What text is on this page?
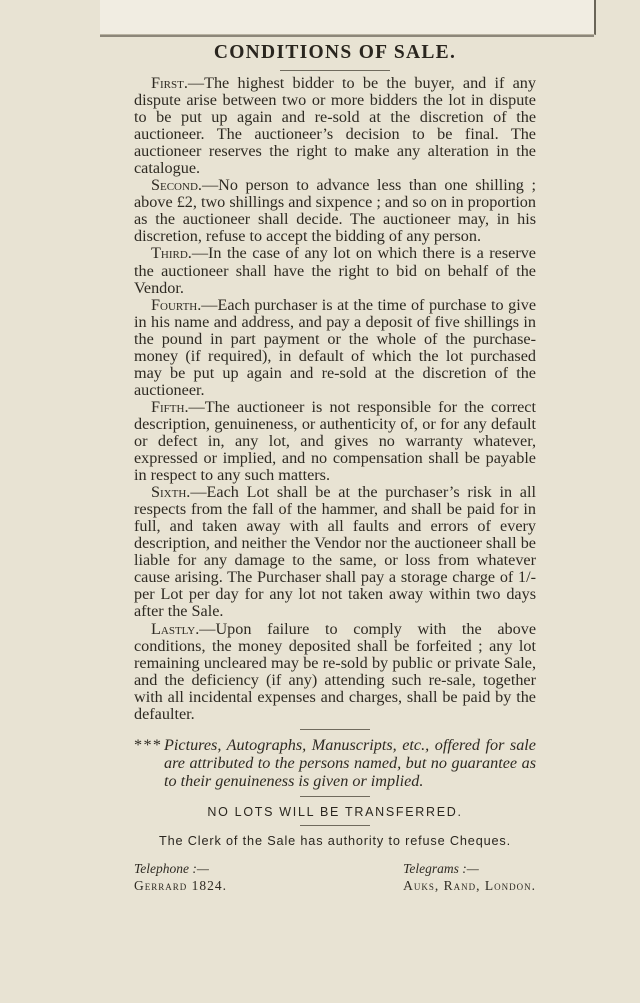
CONDITIONS OF SALE.

First.—The highest bidder to be the buyer, and if any dispute arise between two or more bidders the lot in dispute to be put up again and re-sold at the discretion of the auctioneer. The auctioneer’s decision to be final. The auctioneer reserves the right to make any alteration in the catalogue.

Second.—No person to advance less than one shilling ; above £2, two shillings and sixpence ; and so on in proportion as the auctioneer shall decide. The auctioneer may, in his discretion, refuse to accept the bidding of any person.

Third.—In the case of any lot on which there is a reserve the auctioneer shall have the right to bid on behalf of the Vendor.

Fourth.—Each purchaser is at the time of purchase to give in his name and address, and pay a deposit of five shillings in the pound in part payment or the whole of the purchase-money (if required), in default of which the lot purchased may be put up again and re-sold at the discretion of the auctioneer.

Fifth.—The auctioneer is not responsible for the correct description, genuineness, or authenticity of, or for any default or defect in, any lot, and gives no warranty whatever, expressed or implied, and no compensation shall be payable in respect to any such matters.

Sixth.—Each Lot shall be at the purchaser’s risk in all respects from the fall of the hammer, and shall be paid for in full, and taken away with all faults and errors of every description, and neither the Vendor nor the auctioneer shall be liable for any damage to the same, or loss from whatever cause arising. The Purchaser shall pay a storage charge of 1/- per Lot per day for any lot not taken away within two days after the Sale.

Lastly.—Upon failure to comply with the above conditions, the money deposited shall be forfeited ; any lot remaining uncleared may be re-sold by public or private Sale, and the deficiency (if any) attending such re-sale, together with all incidental expenses and charges, shall be paid by the defaulter.

* * * Pictures, Autographs, Manuscripts, etc., offered for sale are attributed to the persons named, but no guarantee as to their genuineness is given or implied.

NO LOTS WILL BE TRANSFERRED.
The Clerk of the Sale has authority to refuse Cheques.
Telephone :—
Gerrard 1824.
Telegrams :—
Auks, Rand, London.
